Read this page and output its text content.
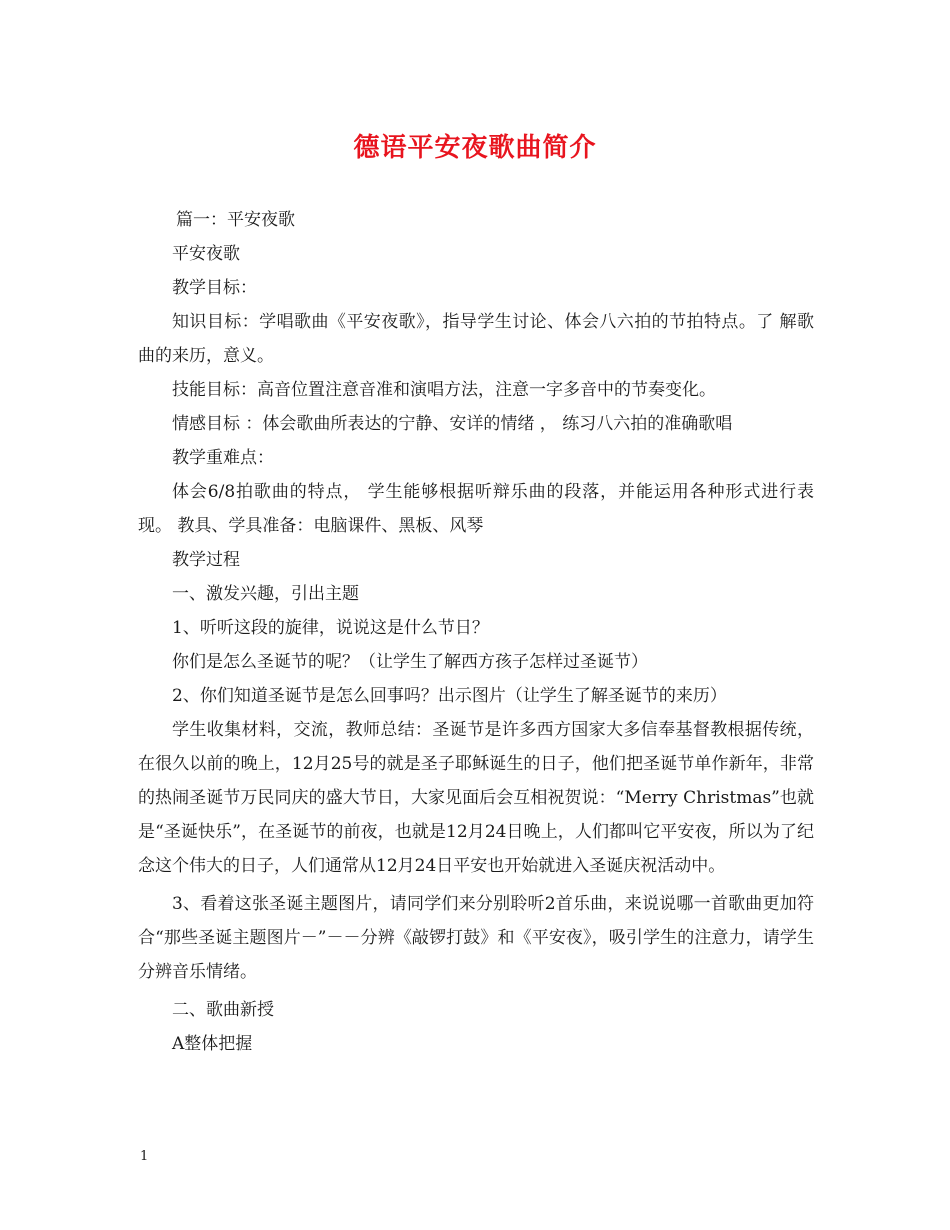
德语平安夜歌曲简介

篇一：平安夜歌

平安夜歌

教学目标：

知识目标：学唱歌曲《平安夜歌》，指导学生讨论、体会八六拍的节拍特点。了 解歌曲的来历，意义。

技能目标：高音位置注意音准和演唱方法，注意一字多音中的节奏变化。

情感目标 ：体会歌曲所表达的宁静、安详的情绪 ， 练习八六拍的准确歌唱

教学重难点：

体会6/8拍歌曲的特点， 学生能够根据听辩乐曲的段落，并能运用各种形式进行表现。 教具、学具准备：电脑课件、黑板、风琴

教学过程

一、激发兴趣，引出主题

1、听听这段的旋律，说说这是什么节日？

你们是怎么圣诞节的呢？（让学生了解西方孩子怎样过圣诞节）

2、你们知道圣诞节是怎么回事吗？出示图片（让学生了解圣诞节的来历）

学生收集材料，交流，教师总结：圣诞节是许多西方国家大多信奉基督教根据传统，在很久以前的晚上，12月25号的就是圣子耶稣诞生的日子，他们把圣诞节单作新年，非常的热闹圣诞节万民同庆的盛大节日，大家见面后会互相祝贺说：“Merry Christmas”也就是“圣诞快乐”，在圣诞节的前夜，也就是12月24日晚上，人们都叫它平安夜，所以为了纪念这个伟大的日子，人们通常从12月24日平安也开始就进入圣诞庆祝活动中。

3、看着这张圣诞主题图片，请同学们来分别聆听2首乐曲，来说说哪一首歌曲更加符合“那些圣诞主题图片－”－－分辨《敲锣打鼓》和《平安夜》，吸引学生的注意力，请学生分辨音乐情绪。

二、歌曲新授

A整体把握

1
